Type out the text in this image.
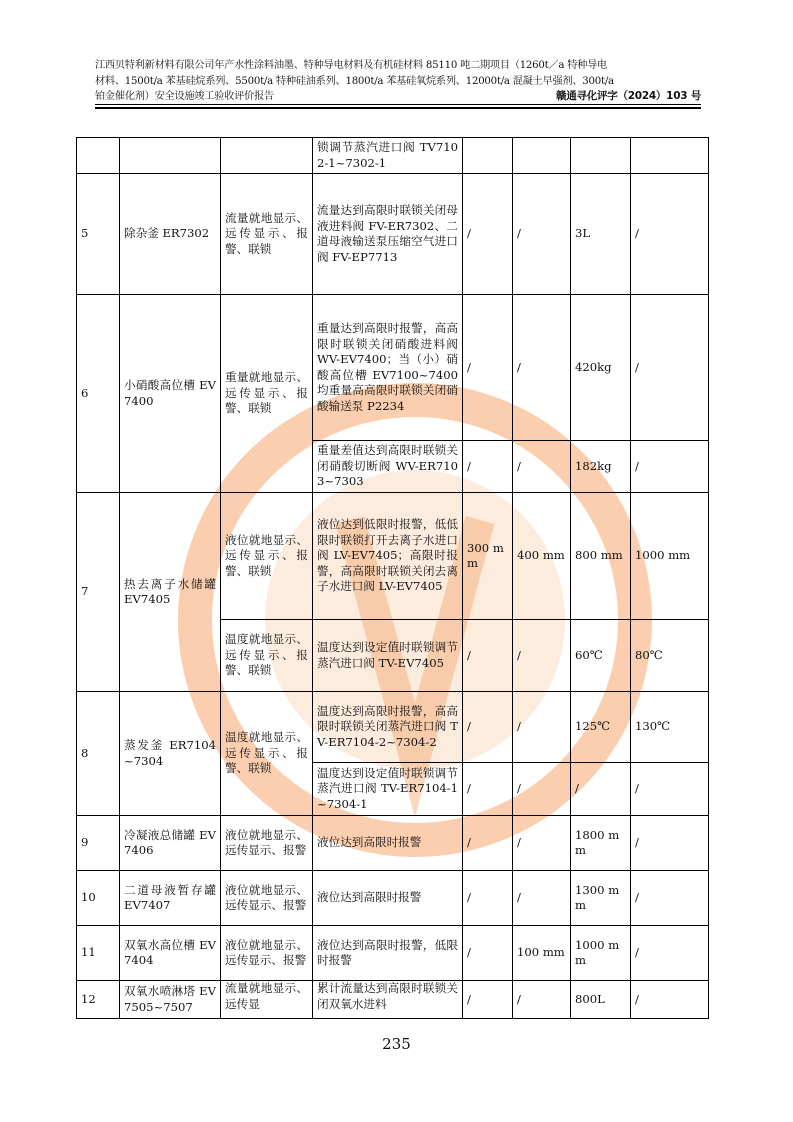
江西贝特利新材料有限公司年产水性涂料油墨、特种导电材料及有机硅材料 85110 吨二期项目（1260t／a 特种导电
材料、1500t/a 苯基硅烷系列、5500t/a 特种硅油系列、1800t/a 苯基硅氧烷系列、12000t/a 混凝土早强剂、300t/a
铂金催化剂）安全设施竣工验收评价报告	赣通寻化评字（2024）103 号
			锁调节蒸汽进口阀 TV7102-1~7302-1				
5	除杂釜 ER7302	流量就地显示、远传显示、报警、联锁	流量达到高限时联锁关闭母液进料阀 FV-ER7302、二道母液输送泵压缩空气进口阀 FV-EP7713	/	/	3L	/
6	小硝酸高位槽 EV7400	重量就地显示、远传显示、报警、联锁	重量达到高限时报警，高高限时联锁关闭硝酸进料阀 WV-EV7400；当（小）硝酸高位槽 EV7100~7400 均重量高高限时联锁关闭硝酸输送泵 P2234	/	/	420kg	/
			重量差值达到高限时联锁关闭硝酸切断阀 WV-ER7103~7303	/	/	182kg	/
7	热去离子水储罐 EV7405	液位就地显示、远传显示、报警、联锁	液位达到低限时报警，低低限时联锁打开去离子水进口阀 LV-EV7405；高限时报警，高高限时联锁关闭去离子水进口阀 LV-EV7405	300 mm	400 mm	800 mm	1000 mm
		温度就地显示、远传显示、报警、联锁	温度达到设定值时联锁调节蒸汽进口阀 TV-EV7405	/	/	60℃	80℃
8	蒸发釜 ER7104~7304	温度就地显示、远传显示、报警、联锁	温度达到高限时报警，高高限时联锁关闭蒸汽进口阀 TV-ER7104-2~7304-2	/	/	125℃	130℃
			温度达到设定值时联锁调节蒸汽进口阀 TV-ER7104-1~7304-1	/	/	/	/
9	冷凝液总储罐 EV7406	液位就地显示、远传显示、报警	液位达到高限时报警	/	/	1800 mm	/
10	二道母液暂存罐 EV7407	液位就地显示、远传显示、报警	液位达到高限时报警	/	/	1300 mm	/
11	双氧水高位槽 EV7404	液位就地显示、远传显示、报警	液位达到高限时报警，低限时报警	/	100 mm	1000 mm	/
12	双氧水喷淋塔 EV7505~7507	流量就地显示、远传显	累计流量达到高限时联锁关闭双氧水进料	/	/	800L	/
235
